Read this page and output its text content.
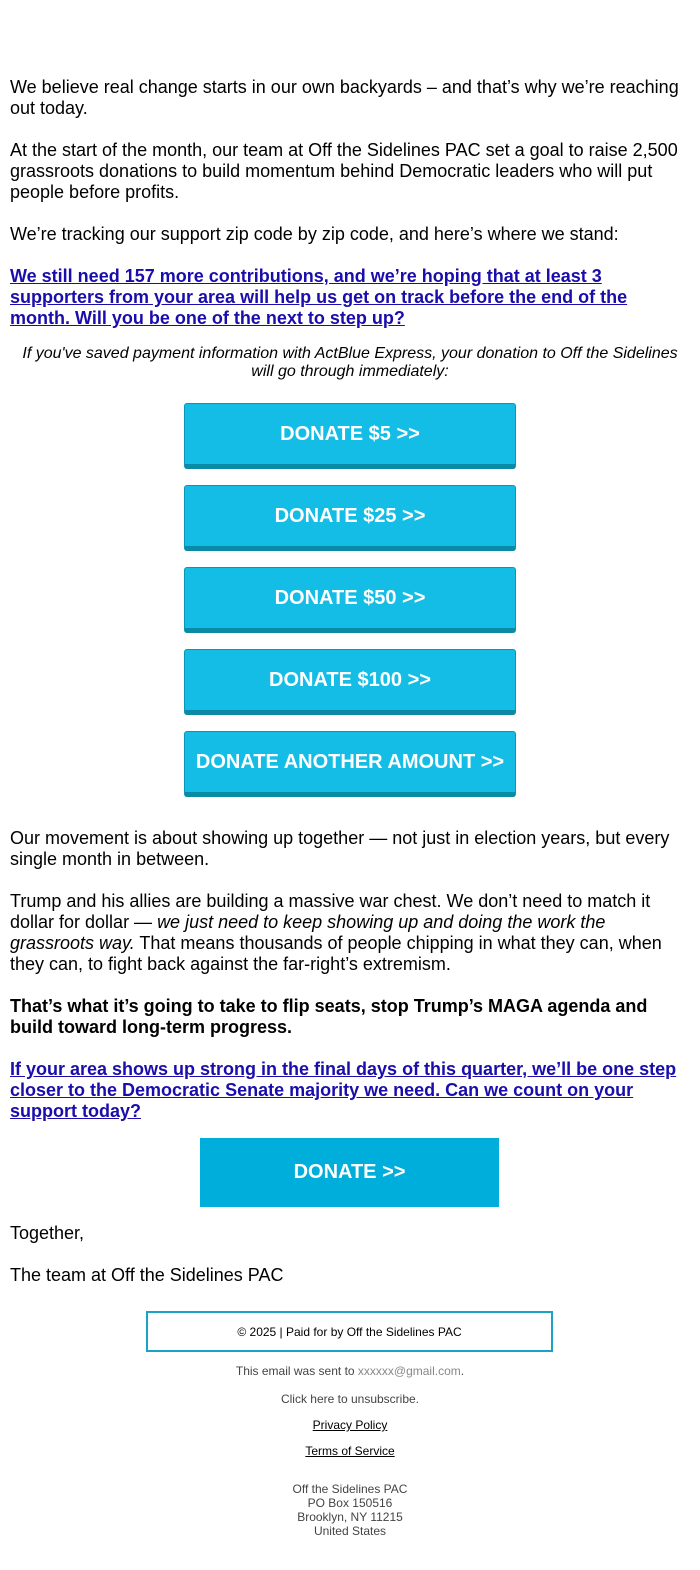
We believe real change starts in our own backyards – and that’s why we’re reaching out today.

At the start of the month, our team at Off the Sidelines PAC set a goal to raise 2,500 grassroots donations to build momentum behind Democratic leaders who will put people before profits.

We’re tracking our support zip code by zip code, and here’s where we stand:

We still need 157 more contributions, and we’re hoping that at least 3 supporters from your area will help us get on track before the end of the month. Will you be one of the next to step up?

If you've saved payment information with ActBlue Express, your donation to Off the Sidelines will go through immediately:

DONATE $5 >>
DONATE $25 >>
DONATE $50 >>
DONATE $100 >>
DONATE ANOTHER AMOUNT >>

Our movement is about showing up together — not just in election years, but every single month in between.

Trump and his allies are building a massive war chest. We don’t need to match it dollar for dollar — we just need to keep showing up and doing the work the grassroots way. That means thousands of people chipping in what they can, when they can, to fight back against the far-right’s extremism.

That’s what it’s going to take to flip seats, stop Trump’s MAGA agenda and build toward long-term progress.

If your area shows up strong in the final days of this quarter, we’ll be one step closer to the Democratic Senate majority we need. Can we count on your support today?

DONATE >>

Together,

The team at Off the Sidelines PAC

© 2025 | Paid for by Off the Sidelines PAC

This email was sent to xxxxxx@gmail.com.

Click here to unsubscribe.

Privacy Policy

Terms of Service

Off the Sidelines PAC

PO Box 150516

Brooklyn, NY 11215

United States
